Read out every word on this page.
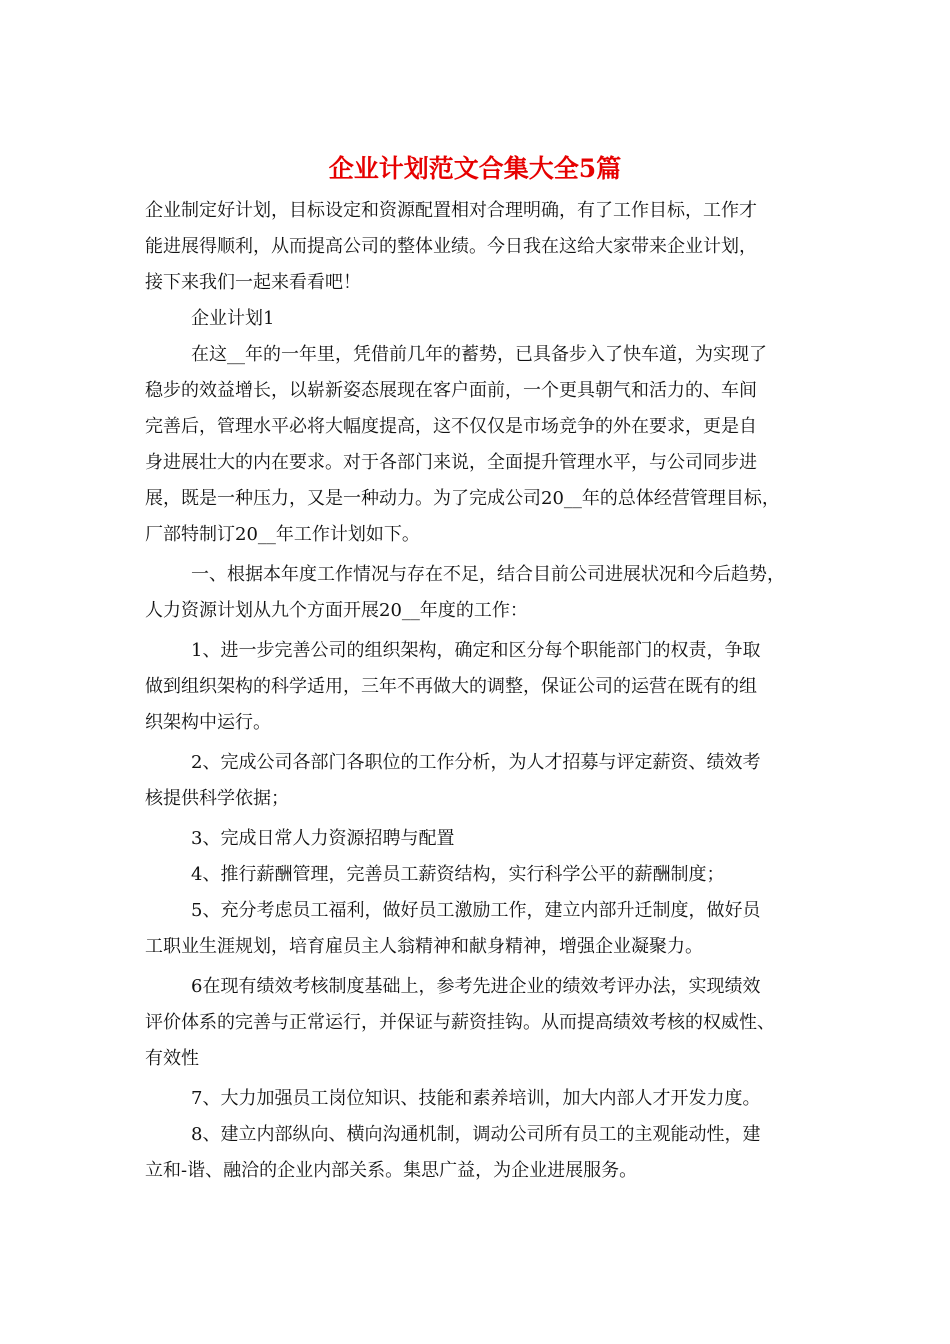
企业计划范文合集大全5篇
企业制定好计划，目标设定和资源配置相对合理明确，有了工作目标，工作才
能进展得顺利，从而提高公司的整体业绩。今日我在这给大家带来企业计划，
接下来我们一起来看看吧！
企业计划1
在这__年的一年里，凭借前几年的蓄势，已具备步入了快车道，为实现了
稳步的效益增长，以崭新姿态展现在客户面前，一个更具朝气和活力的、车间
完善后，管理水平必将大幅度提高，这不仅仅是市场竞争的外在要求，更是自
身进展壮大的内在要求。对于各部门来说，全面提升管理水平，与公司同步进
展，既是一种压力，又是一种动力。为了完成公司20__年的总体经营管理目标，
厂部特制订20__年工作计划如下。
一、根据本年度工作情况与存在不足，结合目前公司进展状况和今后趋势，
人力资源计划从九个方面开展20__年度的工作：
1、进一步完善公司的组织架构，确定和区分每个职能部门的权责，争取
做到组织架构的科学适用，三年不再做大的调整，保证公司的运营在既有的组
织架构中运行。
2、完成公司各部门各职位的工作分析，为人才招募与评定薪资、绩效考
核提供科学依据；
3、完成日常人力资源招聘与配置
4、推行薪酬管理，完善员工薪资结构，实行科学公平的薪酬制度；
5、充分考虑员工福利，做好员工激励工作，建立内部升迁制度，做好员
工职业生涯规划，培育雇员主人翁精神和献身精神，增强企业凝聚力。
6在现有绩效考核制度基础上，参考先进企业的绩效考评办法，实现绩效
评价体系的完善与正常运行，并保证与薪资挂钩。从而提高绩效考核的权威性、
有效性
7、大力加强员工岗位知识、技能和素养培训，加大内部人才开发力度。
8、建立内部纵向、横向沟通机制，调动公司所有员工的主观能动性，建
立和-谐、融洽的企业内部关系。集思广益，为企业进展服务。
